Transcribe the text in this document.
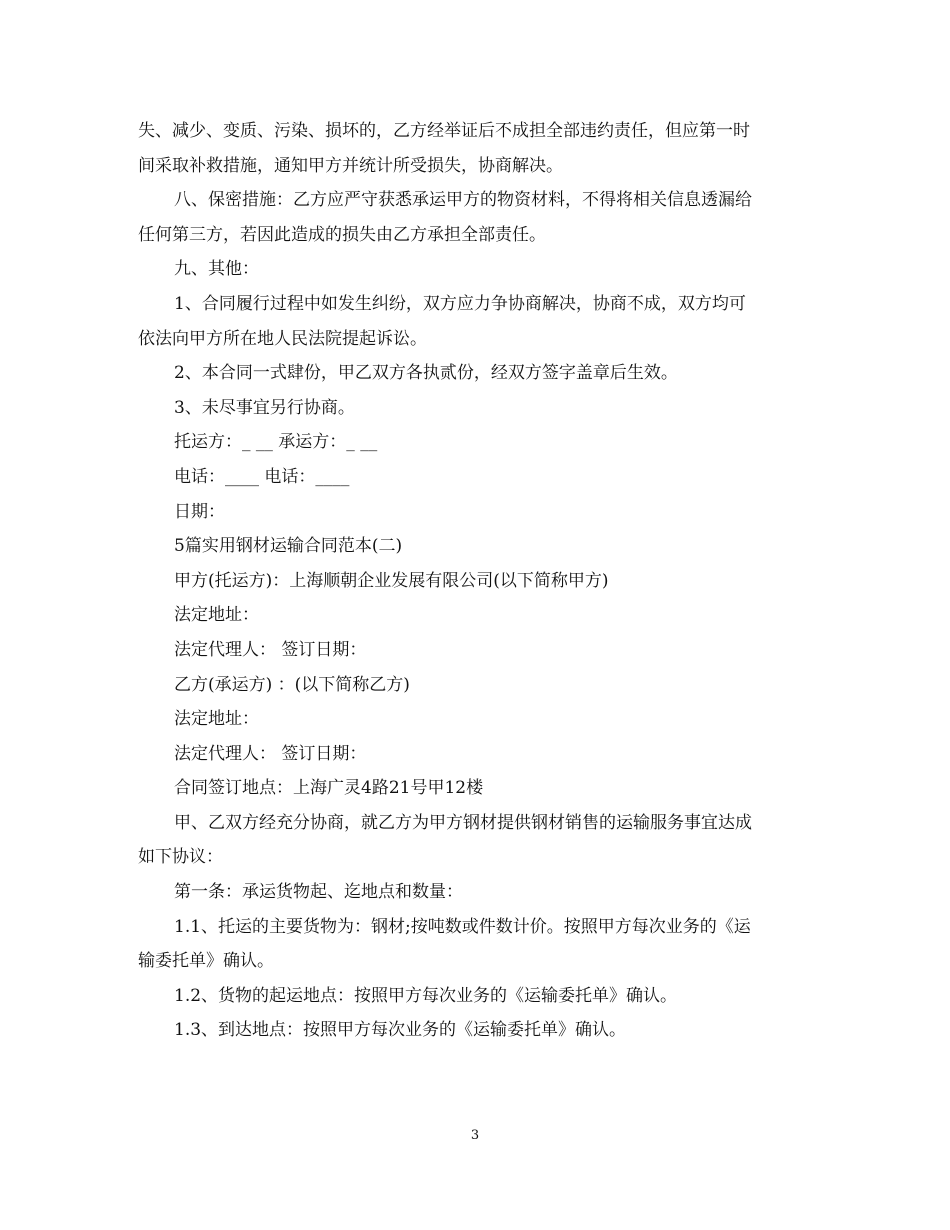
失、减少、变质、污染、损坏的，乙方经举证后不成担全部违约责任，但应第一时

间采取补救措施，通知甲方并统计所受损失，协商解决。

八、保密措施：乙方应严守获悉承运甲方的物资材料，不得将相关信息透漏给

任何第三方，若因此造成的损失由乙方承担全部责任。

九、其他：

1、合同履行过程中如发生纠纷，双方应力争协商解决，协商不成，双方均可

依法向甲方所在地人民法院提起诉讼。

2、本合同一式肆份，甲乙双方各执贰份，经双方签字盖章后生效。

3、未尽事宜另行协商。

托运方：_ __ 承运方：_ __

电话：____ 电话：____

日期：

5篇实用钢材运输合同范本(二)

甲方(托运方)：上海顺朝企业发展有限公司(以下简称甲方)

法定地址：

法定代理人： 签订日期：

乙方(承运方) ：(以下简称乙方)

法定地址：

法定代理人： 签订日期：

合同签订地点：上海广灵4路21号甲12楼

甲、乙双方经充分协商，就乙方为甲方钢材提供钢材销售的运输服务事宜达成

如下协议：

第一条：承运货物起、迄地点和数量：

1.1、托运的主要货物为：钢材;按吨数或件数计价。按照甲方每次业务的《运

输委托单》确认。

1.2、货物的起运地点：按照甲方每次业务的《运输委托单》确认。

1.3、到达地点：按照甲方每次业务的《运输委托单》确认。

3
